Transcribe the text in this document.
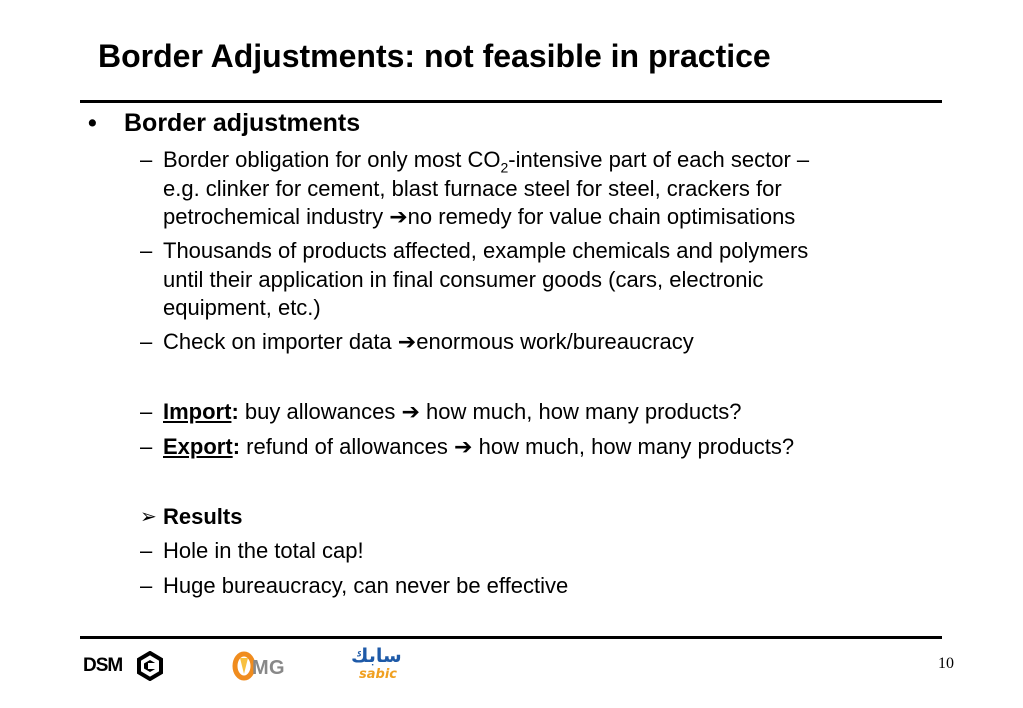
Border Adjustments: not feasible in practice
• Border adjustments
– Border obligation for only most $CO_2$-intensive part of each sector –
e.g. clinker for cement, blast furnace steel for steel, crackers for
petrochemical industry ➔no remedy for value chain optimisations
– Thousands of products affected, example chemicals and polymers
until their application in final consumer goods (cars, electronic
equipment, etc.)
– Check on importer data ➔enormous work/bureaucracy
– Import: buy allowances ➔ how much, how many products?
– Export: refund of allowances ➔ how much, how many products?
➢ Results
– Hole in the total cap!
– Huge bureaucracy, can never be effective
DSM	M G
سابك
sabic
10
